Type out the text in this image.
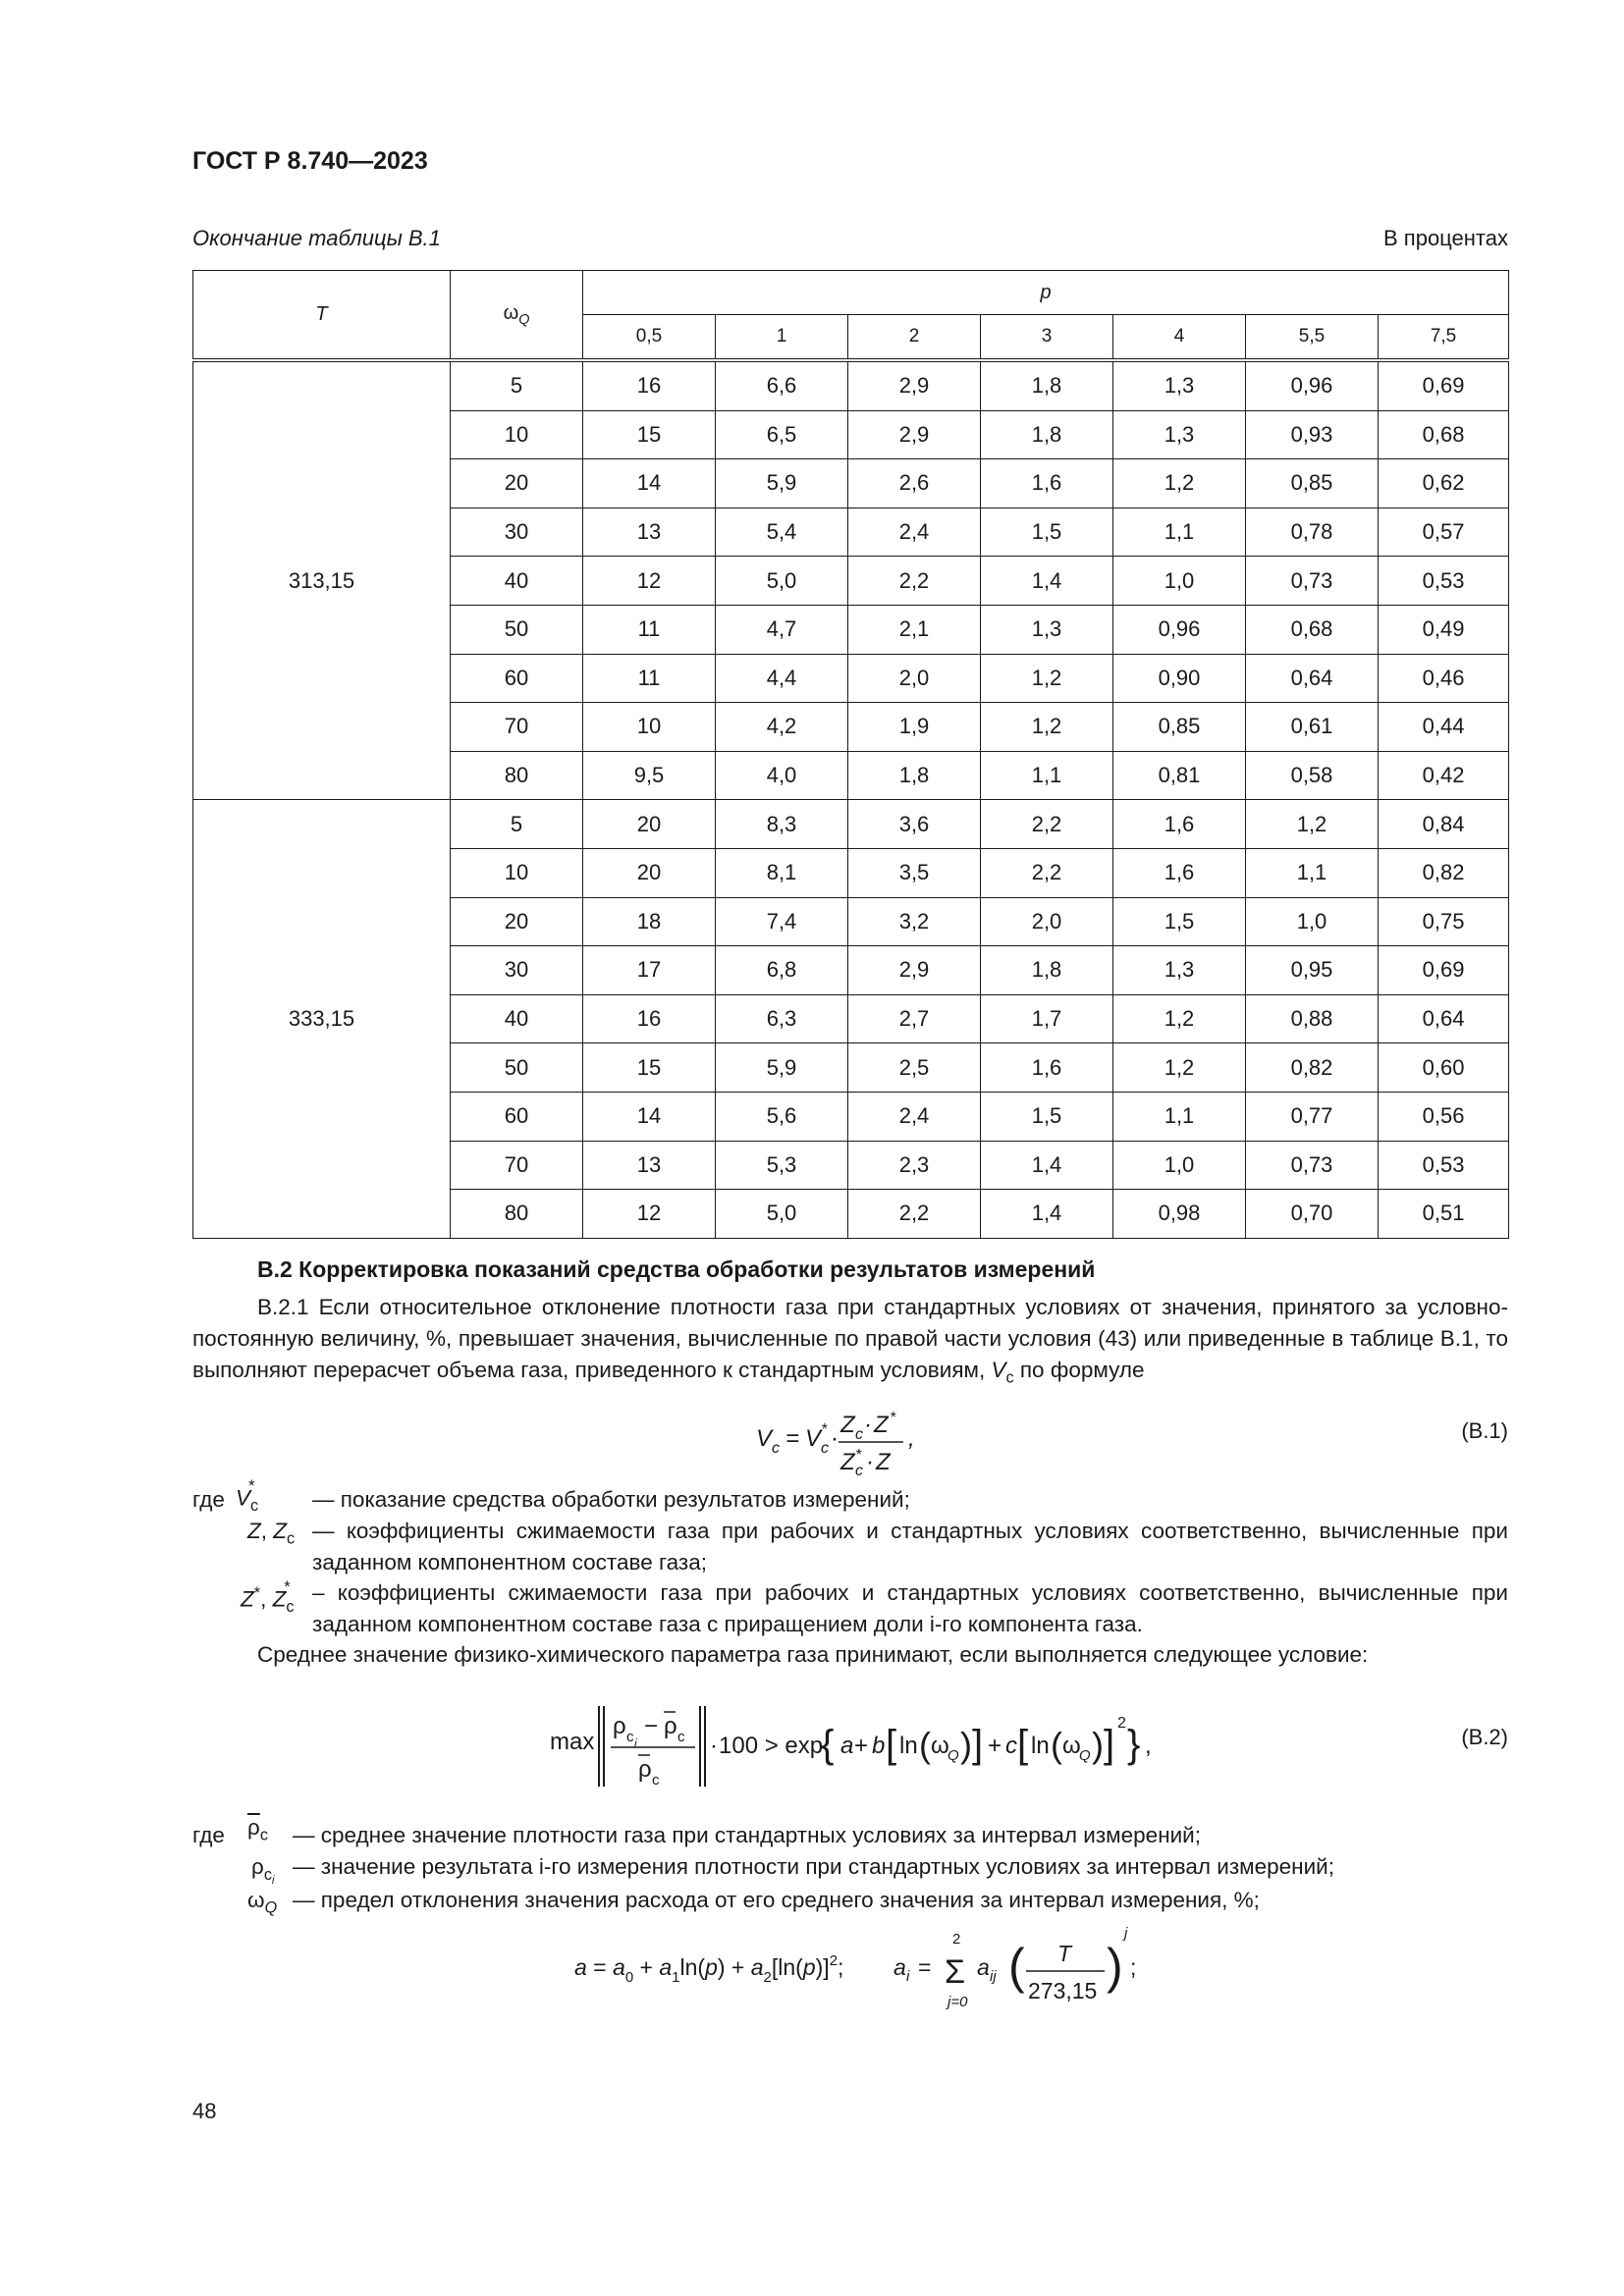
ГОСТ Р 8.740—2023
Окончание таблицы В.1	В процентах
T	$\omega_Q$	p						
		0,5	1	2	3	4	5,5	7,5
313,15	5	16	6,6	2,9	1,8	1,3	0,96	0,69
	10	15	6,5	2,9	1,8	1,3	0,93	0,68
	20	14	5,9	2,6	1,6	1,2	0,85	0,62
	30	13	5,4	2,4	1,5	1,1	0,78	0,57
	40	12	5,0	2,2	1,4	1,0	0,73	0,53
	50	11	4,7	2,1	1,3	0,96	0,68	0,49
	60	11	4,4	2,0	1,2	0,90	0,64	0,46
	70	10	4,2	1,9	1,2	0,85	0,61	0,44
	80	9,5	4,0	1,8	1,1	0,81	0,58	0,42
333,15	5	20	8,3	3,6	2,2	1,6	1,2	0,84
	10	20	8,1	3,5	2,2	1,6	1,1	0,82
	20	18	7,4	3,2	2,0	1,5	1,0	0,75
	30	17	6,8	2,9	1,8	1,3	0,95	0,69
	40	16	6,3	2,7	1,7	1,2	0,88	0,64
	50	15	5,9	2,5	1,6	1,2	0,82	0,60
	60	14	5,6	2,4	1,5	1,1	0,77	0,56
	70	13	5,3	2,3	1,4	1,0	0,73	0,53
	80	12	5,0	2,2	1,4	0,98	0,70	0,51
В.2 Корректировка показаний средства обработки результатов измерений
В.2.1 Если относительное отклонение плотности газа при стандартных условиях от значения, принятого за условно-постоянную величину, %, превышает значения, вычисленные по правой части условия (43) или приведенные в таблице В.1, то выполняют перерасчет объема газа, приведенного к стандартным условиям, $V_c$ по формуле
V c = V c
* ·
Z c · Z *
Z c
* · Z
,	(В.1)
где $V_c^*$
— показание средства обработки результатов измерений;
Z, $Z_c$ — коэффициенты сжимаемости газа при рабочих и стандартных условиях соответственно, вычисленные при заданном компонентном составе газа;
Z*, $Z_c^*$ – коэффициенты сжимаемости газа при рабочих и стандартных условиях соответственно, вычисленные при заданном компонентном составе газа с приращением доли i-го компонента газа.
Среднее значение физико-химического параметра газа принимают, если выполняется следующее условие:
max
ρ c i
− ρ c
ρ c
· 100 > exp
{ a + b [ ln ( ω
Q ) ] + c [ ln ( ω
Q ) ] 2 } ,	(В.2)
где $\overline{\rho}_c$ — среднее значение плотности газа при стандартных условиях за интервал измерений;
$\rho_{c_i}$
— значение результата i-го измерения плотности при стандартных условиях за интервал измерений;
$\omega_Q$ — предел отклонения значения расхода от его среднего значения за интервал измерения, %;
$a = a_0 + a_1\ln(p) + a_2[\ln(p)]^2$; a i =
2
Σ
j=0
a ij ( T
273,15 )
j
;
48
